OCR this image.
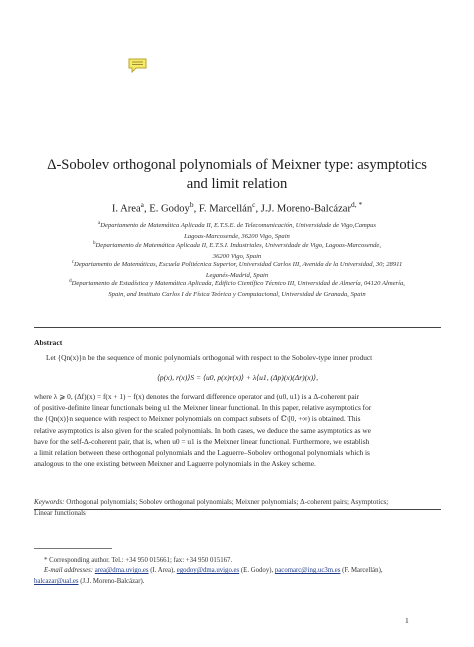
Δ-Sobolev orthogonal polynomials of Meixner type: asymptotics
and limit relation
I. Area$^a$, E. Godoy$^b$, F. Marcellán$^c$, J.J. Moreno-Balcázar$^{d, *}$
$^a$Departamento de Matemática Aplicada II, E.T.S.E. de Telecomunicación, Universidade de Vigo,Campus
Lagoas-Marcosende, 36200 Vigo, Spain
$^b$Departamento de Matemática Aplicada II, E.T.S.I. Industriales, Universidade de Vigo, Lagoas-Marcosende,
36200 Vigo, Spain
$^c$Departamento de Matemáticas, Escuela Politécnica Superior, Universidad Carlos III, Avenida de la Universidad, 30; 28911
Leganés-Madrid, Spain
$^d$Departamento de Estadística y Matemática Aplicada, Edificio Científico Técnico III, Universidad de Almería, 04120 Almería,
Spain, and Instituto Carlos I de Física Teórica y Computacional, Universidad de Granada, Spain
Abstract
Let {Qn(x)}n be the sequence of monic polynomials orthogonal with respect to the Sobolev-type inner product
⟨p(x), r(x)⟩S = ⟨u0, p(x)r(x)⟩ + λ⟨u1, (Δp)(x)(Δr)(x)⟩,
where λ ⩾ 0, (Δf)(x) = f(x + 1) − f(x) denotes the forward difference operator and (u0, u1) is a Δ-coherent pair
of positive-definite linear functionals being u1 the Meixner linear functional. In this paper, relative asymptotics for
the {Qn(x)}n sequence with respect to Meixner polynomials on compact subsets of ℂ\[0, +∞) is obtained. This
relative asymptotics is also given for the scaled polynomials. In both cases, we deduce the same asymptotics as we
have for the self-Δ-coherent pair, that is, when u0 = u1 is the Meixner linear functional. Furthermore, we establish
a limit relation between these orthogonal polynomials and the Laguerre–Sobolev orthogonal polynomials which is
analogous to the one existing between Meixner and Laguerre polynomials in the Askey scheme.
Keywords: Orthogonal polynomials; Sobolev orthogonal polynomials; Meixner polynomials; Δ-coherent pairs; Asymptotics;
Linear functionals
* Corresponding author. Tel.: +34 950 015661; fax: +34 950 015167.
E-mail addresses: area@dma.uvigo.es (I. Area), egodoy@dma.uvigo.es (E. Godoy), pacomarc@ing.uc3m.es (F. Marcellán),
balcazar@ual.es (J.J. Moreno-Balcázar).
1
